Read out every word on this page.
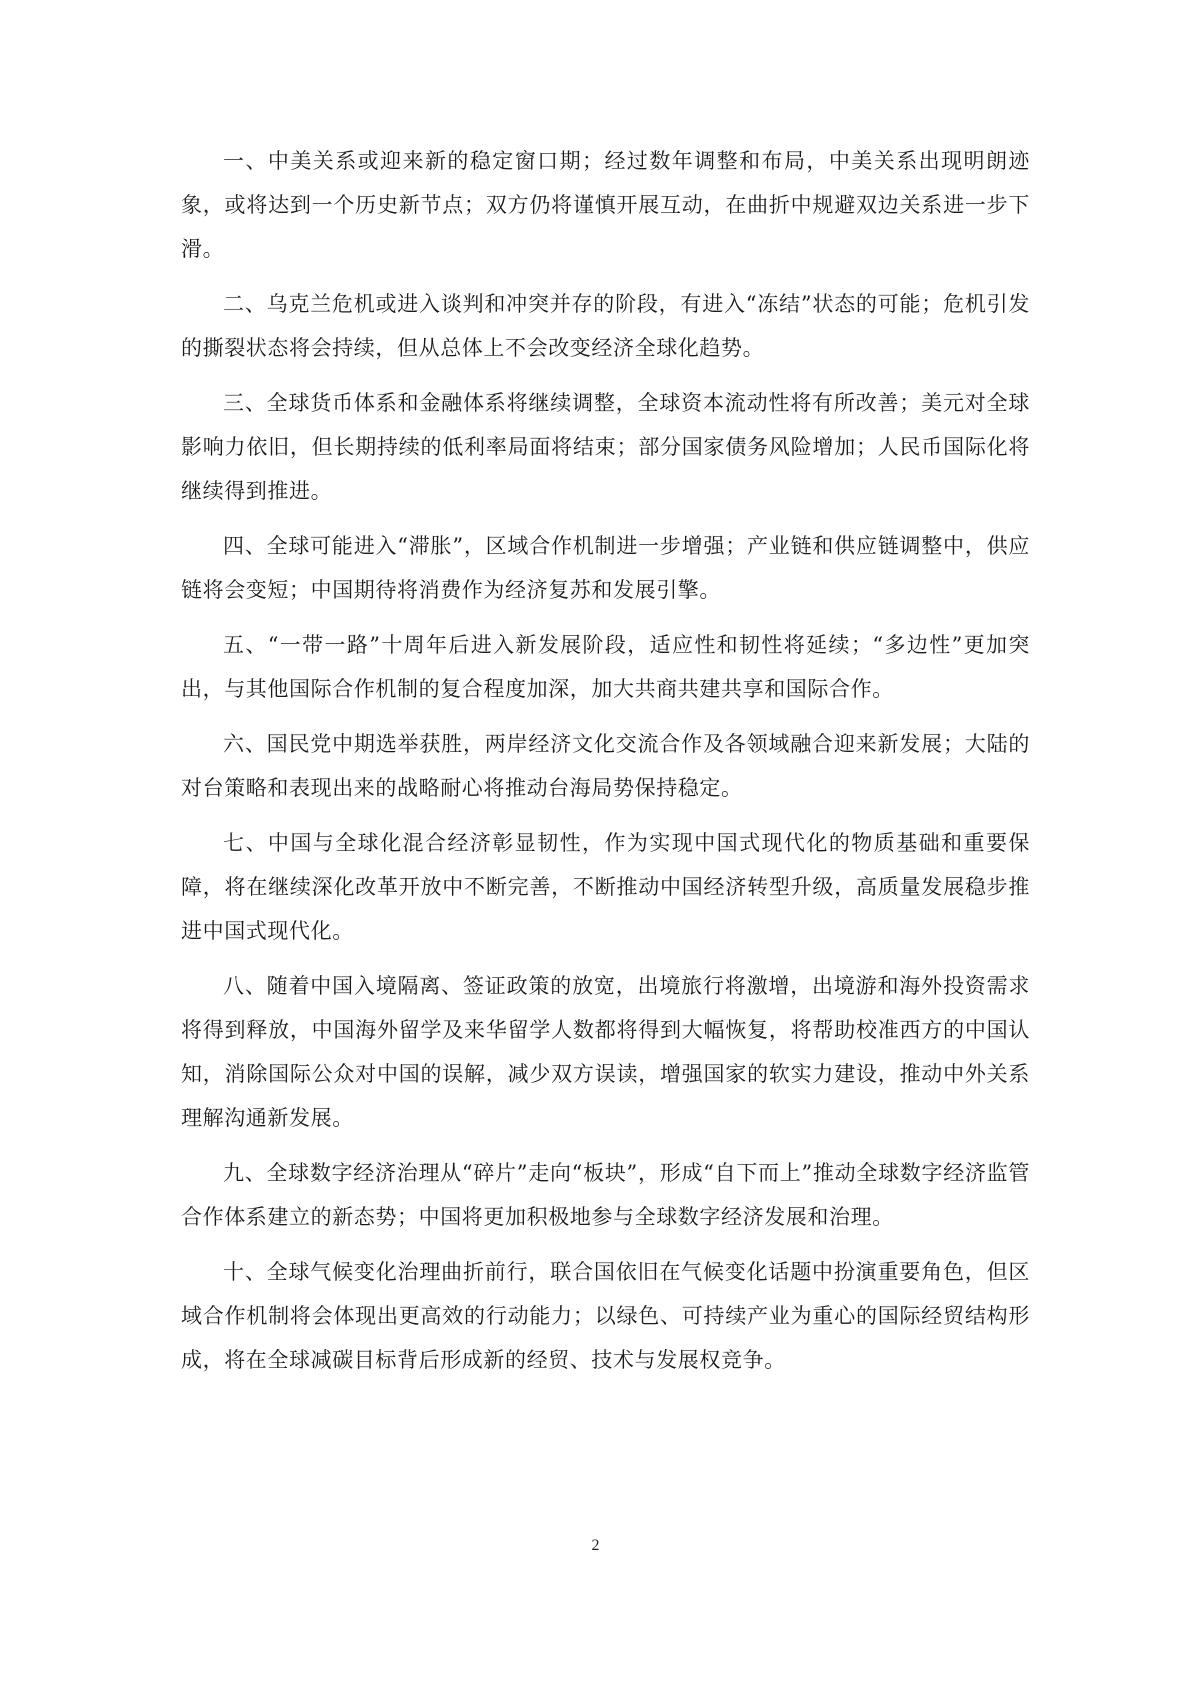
一、中美关系或迎来新的稳定窗口期；经过数年调整和布局，中美关系出现明朗迹象，或将达到一个历史新节点；双方仍将谨慎开展互动，在曲折中规避双边关系进一步下滑。

二、乌克兰危机或进入谈判和冲突并存的阶段，有进入“冻结”状态的可能；危机引发的撕裂状态将会持续，但从总体上不会改变经济全球化趋势。

三、全球货币体系和金融体系将继续调整，全球资本流动性将有所改善；美元对全球影响力依旧，但长期持续的低利率局面将结束；部分国家债务风险增加；人民币国际化将继续得到推进。

四、全球可能进入“滞胀”，区域合作机制进一步增强；产业链和供应链调整中，供应链将会变短；中国期待将消费作为经济复苏和发展引擎。

五、“一带一路”十周年后进入新发展阶段，适应性和韧性将延续；“多边性”更加突出，与其他国际合作机制的复合程度加深，加大共商共建共享和国际合作。

六、国民党中期选举获胜，两岸经济文化交流合作及各领域融合迎来新发展；大陆的对台策略和表现出来的战略耐心将推动台海局势保持稳定。

七、中国与全球化混合经济彰显韧性，作为实现中国式现代化的物质基础和重要保障，将在继续深化改革开放中不断完善，不断推动中国经济转型升级，高质量发展稳步推进中国式现代化。

八、随着中国入境隔离、签证政策的放宽，出境旅行将激增，出境游和海外投资需求将得到释放，中国海外留学及来华留学人数都将得到大幅恢复，将帮助校准西方的中国认知，消除国际公众对中国的误解，减少双方误读，增强国家的软实力建设，推动中外关系理解沟通新发展。

九、全球数字经济治理从“碎片”走向“板块”，形成“自下而上”推动全球数字经济监管合作体系建立的新态势；中国将更加积极地参与全球数字经济发展和治理。

十、全球气候变化治理曲折前行，联合国依旧在气候变化话题中扮演重要角色，但区域合作机制将会体现出更高效的行动能力；以绿色、可持续产业为重心的国际经贸结构形成，将在全球减碳目标背后形成新的经贸、技术与发展权竞争。

2
